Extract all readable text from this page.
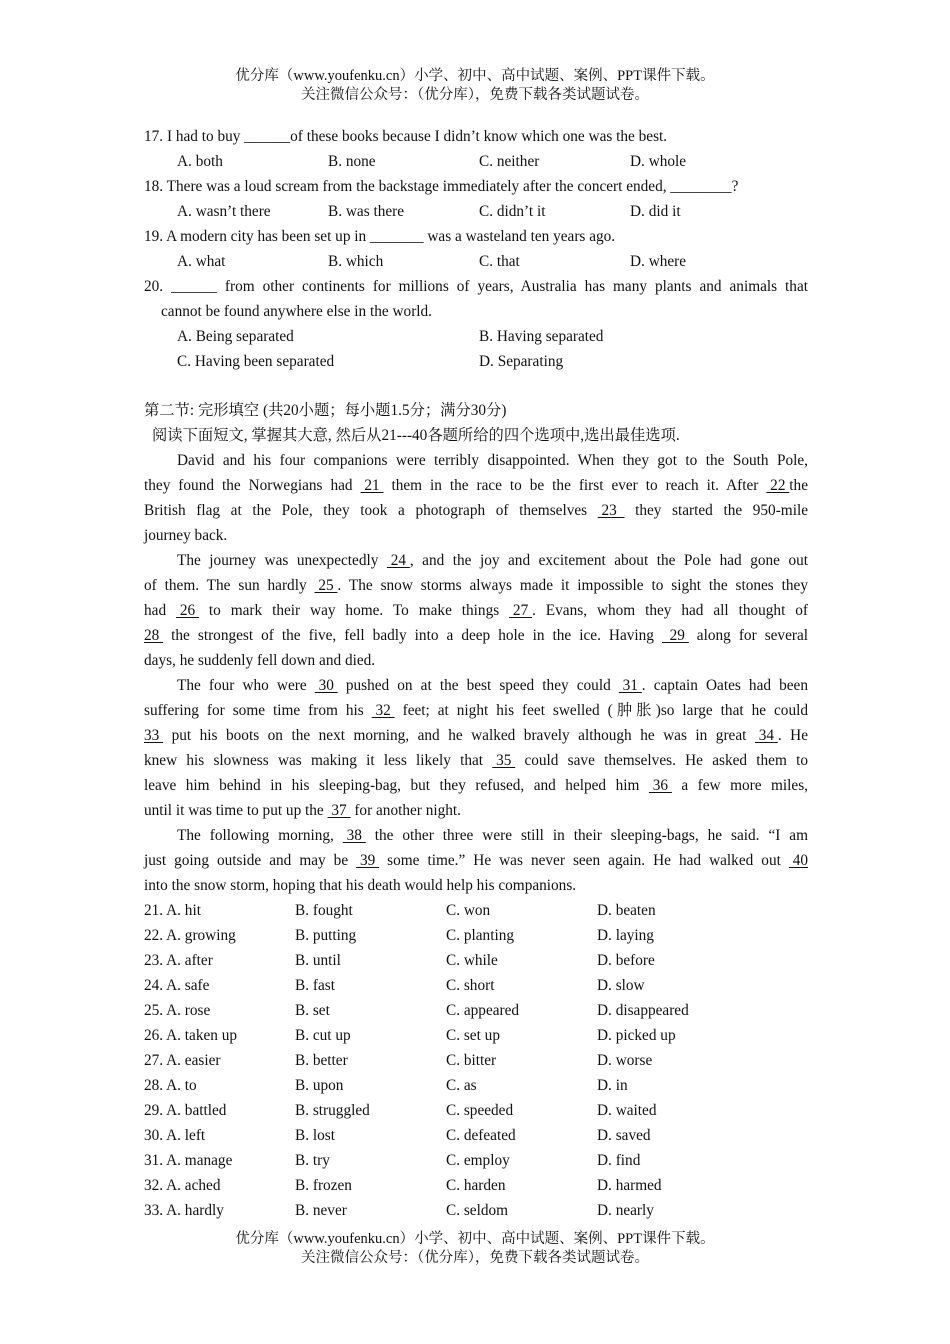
优分库（www.youfenku.cn）小学、初中、高中试题、案例、PPT课件下载。
关注微信公众号：（优分库），免费下载各类试题试卷。
17. I had to buy ______of these books because I didn’t know which one was the best.
A. both	B. none	C. neither	D. whole
18. There was a loud scream from the backstage immediately after the concert ended, ________?
A. wasn’t there	B. was there	C. didn’t it	D. did it
19. A modern city has been set up in _______ was a wasteland ten years ago.
A. what	B. which	C. that	D. where
20. ______ from other continents for millions of years, Australia has many plants and animals that
cannot be found anywhere else in the world.
A. Being separated	B. Having separated
C. Having been separated	D. Separating
第二节: 完形填空 (共20小题；每小题1.5分；满分30分)
阅读下面短文, 掌握其大意, 然后从21---40各题所给的四个选项中,选出最佳选项.
David and his four companions were terribly disappointed. When they got to the South Pole,
they found the Norwegians had  21  them in the race to be the first ever to reach it. After  22 the
British flag at the Pole, they took a photograph of themselves  23   they started the 950-mile
journey back.
The journey was unexpectedly  24 , and the joy and excitement about the Pole had gone out
of them. The sun hardly  25 . The snow storms always made it impossible to sight the stones they
had  26  to mark their way home. To make things  27 . Evans, whom they had all thought of
28  the strongest of the five, fell badly into a deep hole in the ice. Having   29  along for several
days, he suddenly fell down and died.
The four who were  30  pushed on at the best speed they could  31 . captain Oates had been
suffering for some time from his  32  feet; at night his feet swelled (肿胀)so large that he could
33  put his boots on the next morning, and he walked bravely although he was in great  34 . He
knew his slowness was making it less likely that  35  could save themselves. He asked them to
leave him behind in his sleeping-bag, but they refused, and helped him  36  a few more miles,
until it was time to put up the  37  for another night.
The following morning,  38  the other three were still in their sleeping-bags, he said. “I am
just going outside and may be  39  some time.” He was never seen again. He had walked out  40
into the snow storm, hoping that his death would help his companions.
21. A. hit	B. fought	C. won	D. beaten
22. A. growing	B. putting	C. planting	D. laying
23. A. after	B. until	C. while	D. before
24. A. safe	B. fast	C. short	D. slow
25. A. rose	B. set	C. appeared	D. disappeared
26. A. taken up	B. cut up	C. set up	D. picked up
27. A. easier	B. better	C. bitter	D. worse
28. A. to	B. upon	C. as	D. in
29. A. battled	B. struggled	C. speeded	D. waited
30. A. left	B. lost	C. defeated	D. saved
31. A. manage	B. try	C. employ	D. find
32. A. ached	B. frozen	C. harden	D. harmed
33. A. hardly	B. never	C. seldom	D. nearly
优分库（www.youfenku.cn）小学、初中、高中试题、案例、PPT课件下载。
关注微信公众号：（优分库），免费下载各类试题试卷。
